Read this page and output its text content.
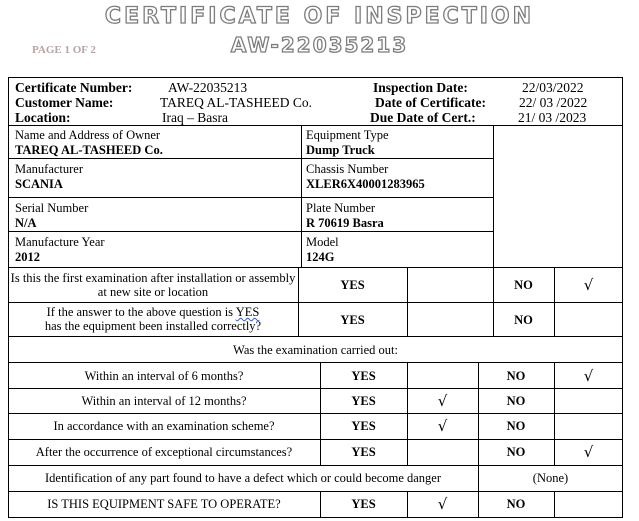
CERTIFICATE OF INSPECTION
AW-22035213
PAGE 1 OF 2
Certificate Number:	AW-22035213
Customer Name:	TAREQ AL-TASHEED Co.
Location:	Iraq – Basra
Inspection Date:	22/03/2022
Date of Certificate: 22/ 03 /2022
Due Date of Cert.:	21/ 03 /2023
Name and Address of Owner
TAREQ AL-TASHEED Co.
Equipment Type
Dump Truck
Manufacturer
SCANIA
Chassis Number
XLER6X40001283965
Serial Number
N/A
Plate Number
R 70619 Basra
Manufacture Year
2012
Model
124G
Is this the first examination after installation or assembly at new site or location	YES	NO	√
If the answer to the above question is YES
has the equipment been installed correctly?	YES	NO
Was the examination carried out:
Within an interval of 6 months?	YES	NO	√
Within an interval of 12 months?	YES	√	NO
In accordance with an examination scheme?	YES	√	NO
After the occurrence of exceptional circumstances?	YES	NO	√
Identification of any part found to have a defect which or could become danger	(None)
IS THIS EQUIPMENT SAFE TO OPERATE?	YES	√	NO
